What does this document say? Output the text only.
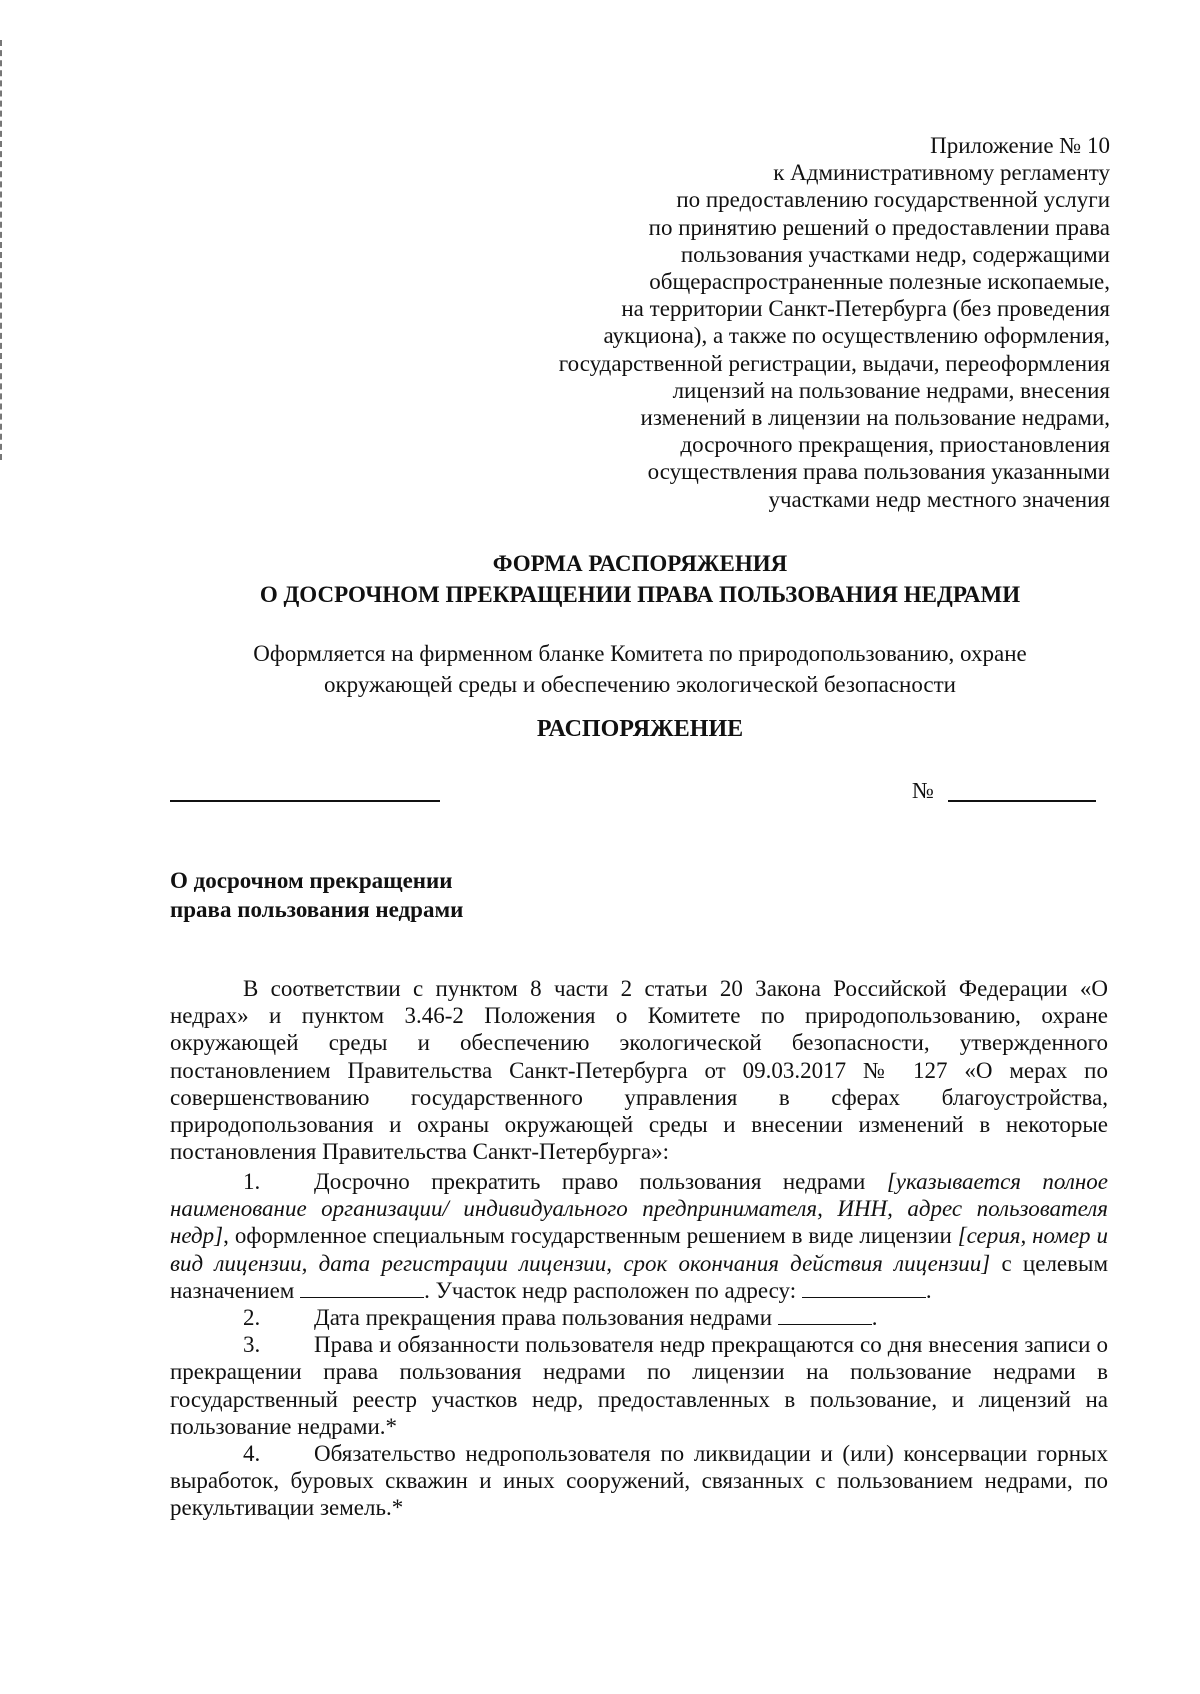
Приложение № 10
к Административному регламенту
по предоставлению государственной услуги
по принятию решений о предоставлении права
пользования участками недр, содержащими
общераспространенные полезные ископаемые,
на территории Санкт-Петербурга (без проведения
аукциона), а также по осуществлению оформления,
государственной регистрации, выдачи, переоформления
лицензий на пользование недрами, внесения
изменений в лицензии на пользование недрами,
досрочного прекращения, приостановления
осуществления права пользования указанными
участками недр местного значения
ФОРМА РАСПОРЯЖЕНИЯ
О ДОСРОЧНОМ ПРЕКРАЩЕНИИ ПРАВА ПОЛЬЗОВАНИЯ НЕДРАМИ
Оформляется на фирменном бланке Комитета по природопользованию, охране
окружающей среды и обеспечению экологической безопасности
РАСПОРЯЖЕНИЕ
№
О досрочном прекращении
права пользования недрами

В соответствии с пунктом 8 части 2 статьи 20 Закона Российской Федерации «О недрах» и пунктом 3.46-2 Положения о Комитете по природопользованию, охране окружающей среды и обеспечению экологической безопасности, утвержденного постановлением Правительства Санкт-Петербурга от 09.03.2017 № 127 «О мерах по совершенствованию государственного управления в сферах благоустройства, природопользования и охраны окружающей среды и внесении изменений в некоторые постановления Правительства Санкт-Петербурга»:

1. Досрочно прекратить право пользования недрами [указывается полное наименование организации/ индивидуального предпринимателя, ИНН, адрес пользователя недр], оформленное специальным государственным решением в виде лицензии [серия, номер и вид лицензии, дата регистрации лицензии, срок окончания действия лицензии] с целевым назначением	. Участок недр расположен по адресу:	.

2. Дата прекращения права пользования недрами	.

3. Права и обязанности пользователя недр прекращаются со дня внесения записи о прекращении права пользования недрами по лицензии на пользование недрами в государственный реестр участков недр, предоставленных в пользование, и лицензий на пользование недрами.*

4. Обязательство недропользователя по ликвидации и (или) консервации горных выработок, буровых скважин и иных сооружений, связанных с пользованием недрами, по рекультивации земель.*
